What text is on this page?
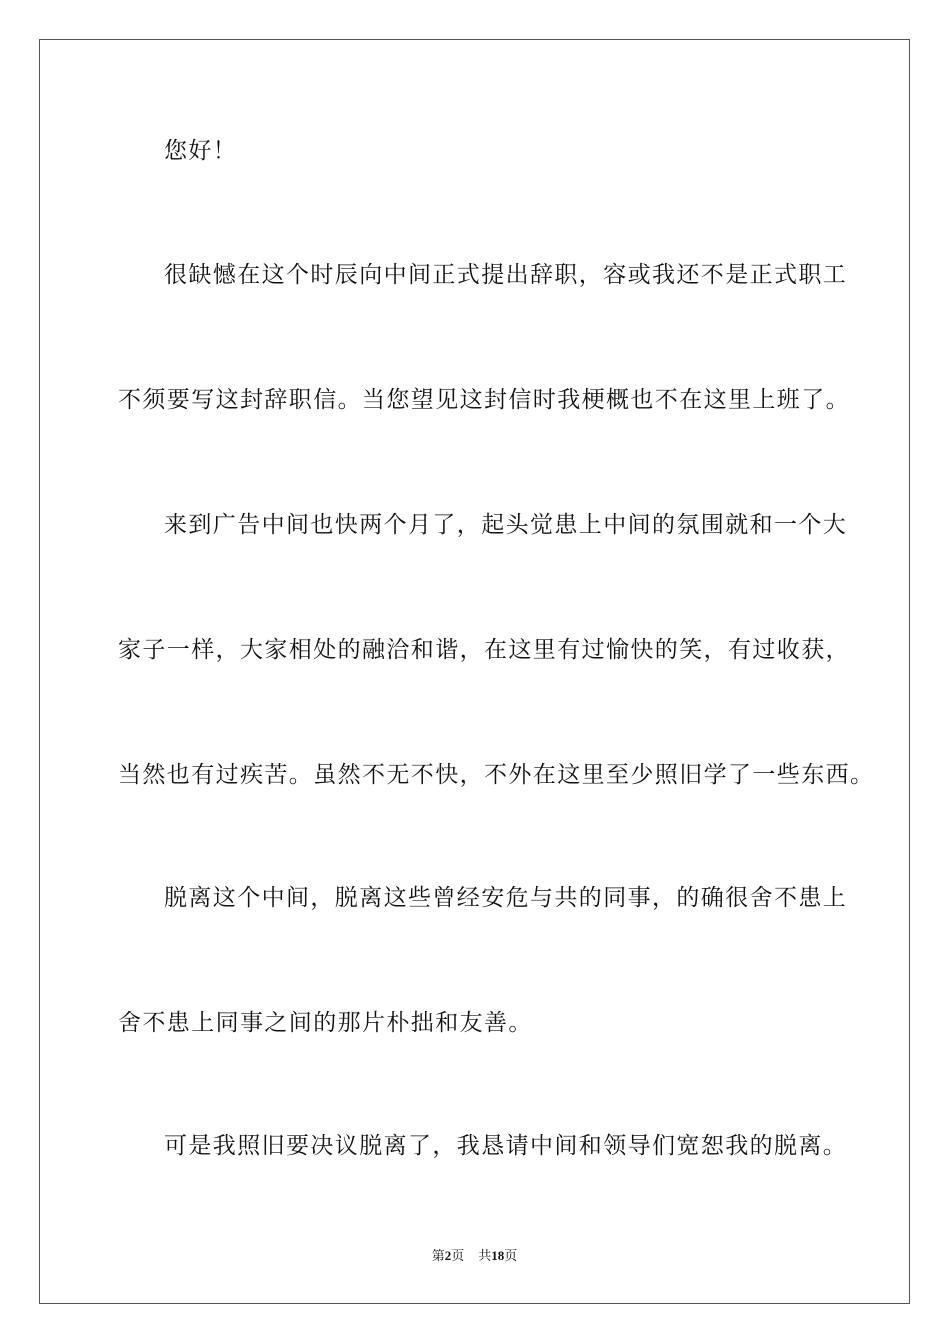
您好！
很缺憾在这个时辰向中间正式提出辞职，容或我还不是正式职工
不须要写这封辞职信。当您望见这封信时我梗概也不在这里上班了。
来到广告中间也快两个月了，起头觉患上中间的氛围就和一个大
家子一样，大家相处的融洽和谐，在这里有过愉快的笑，有过收获，
当然也有过疾苦。虽然不无不快，不外在这里至少照旧学了一些东西。
脱离这个中间，脱离这些曾经安危与共的同事，的确很舍不患上
舍不患上同事之间的那片朴拙和友善。
可是我照旧要决议脱离了，我恳请中间和领导们宽恕我的脱离。
第2页 共18页
